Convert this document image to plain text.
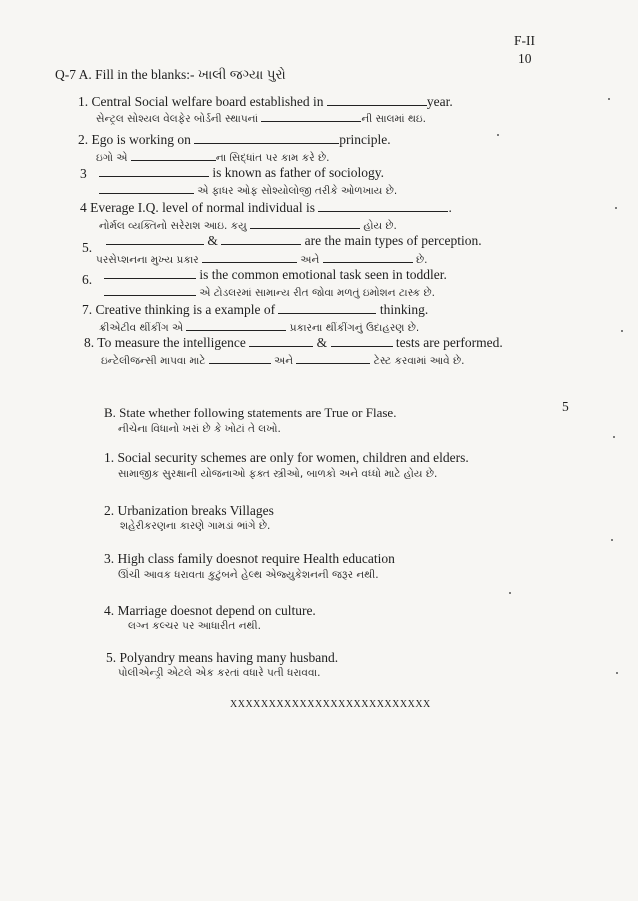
F-II
10
Q-7 A. Fill in the blanks:- ખાલી જગ્યા પુરો
1. Central Social welfare board established in	year.
સેન્ટ્રલ સોશ્યલ વેલફેર બોર્ડની સ્થાપનાં	ની સાલમાં થઇ.
2. Ego is working on	principle.
ઇગો એ	ના સિદ્ધાંત પર કામ કરે છે.
3	is known as father of sociology.
એ ફાધર ઓફ સોશ્યોલોજી તરીકે ઓળખાય છે.
4 Everage I.Q. level of normal individual is	.
નોર્મલ વ્યક્તિનો સરેરાશ આઇ. કયુ	હોય છે.
5.	&	are the main types of perception.
પરસેપ્શનના મુખ્ય પ્રકાર	અને	છે.
6.	is the common emotional task seen in toddler.
એ ટોડલરમાં સામાન્ય રીત જોવા મળતું ઇમોશન ટાસ્ક છે.
7. Creative thinking is a example of	thinking.
ક્રીએટીવ થીંકીંગ એ	પ્રકારના થીંકીંગનું ઉદાહરણ છે.
8. To measure the intelligence	&	tests are performed.
ઇન્ટેલીજન્સી માપવા માટે	અને	ટેસ્ટ કરવામાં આવે છે.
B. State whether following statements are True or Flase.	5
નીચેના વિધાનો ખરાં છે કે ખોટાં તે લખો.
1. Social security schemes are only for women, children and elders.
સામાજીક સુરક્ષાની યોજનાઓ ફક્ત સ્ત્રીઓ, બાળકો અને વધ્ધો માટે હોય છે.
2. Urbanization breaks Villages
શહેરીકરણના કારણે ગામડાં ભાંગે છે.
3. High class family doesnot require Health education
ઊંચી આવક ધરાવતા કુટુંબને હેલ્થ એજ્યુકેશનની જરૂર નથી.
4. Marriage doesnot depend on culture.
લગ્ન કલ્ચર પર આધારીત નથી.
5. Polyandry means having many husband.
પોલીએન્ડ્રી એટલે એક કરતાં વધારે પતી ધરાવવા.
XXXXXXXXXXXXXXXXXXXXXXXXXX
